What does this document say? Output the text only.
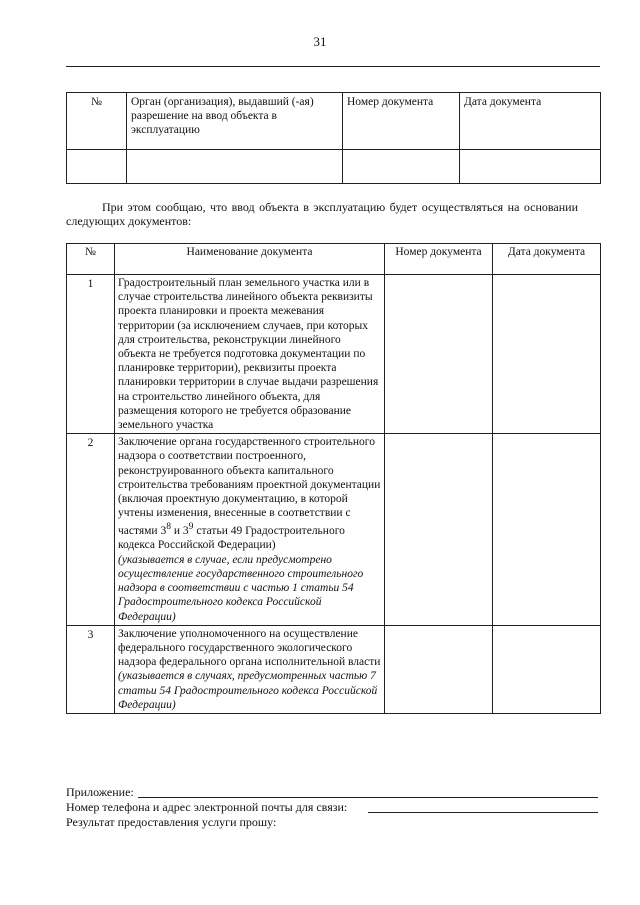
31
№	Орган (организация), выдавший (-ая) разрешение на ввод объекта в эксплуатацию	Номер документа	Дата документа

При этом сообщаю, что ввод объекта в эксплуатацию будет осуществляться на основании следующих документов:
№	Наименование документа	Номер документа	Дата документа
1	Градостроительный план земельного участка или в случае строительства линейного объекта реквизиты проекта планировки и проекта межевания территории (за исключением случаев, при которых для строительства, реконструкции линейного объекта не требуется подготовка документации по планировке территории), реквизиты проекта планировки территории в случае выдачи разрешения на строительство линейного объекта, для размещения которого не требуется образование земельного участка		
2	Заключение органа государственного строительного надзора о соответствии построенного, реконструированного объекта капитального строительства требованиям проектной документации (включая проектную документацию, в которой учтены изменения, внесенные в соответствии с частями $3^8$ и $3^9$ статьи 49 Градостроительного кодекса Российской Федерации)
(указывается в случае, если предусмотрено осуществление государственного строительного надзора в соответствии с частью 1 статьи 54 Градостроительного кодекса Российской Федерации)		
3	Заключение уполномоченного на осуществление федерального государственного экологического надзора федерального органа исполнительной власти
(указывается в случаях, предусмотренных частью 7 статьи 54 Градостроительного кодекса Российской Федерации)		
Приложение:
Номер телефона и адрес электронной почты для связи:
Результат предоставления услуги прошу:
